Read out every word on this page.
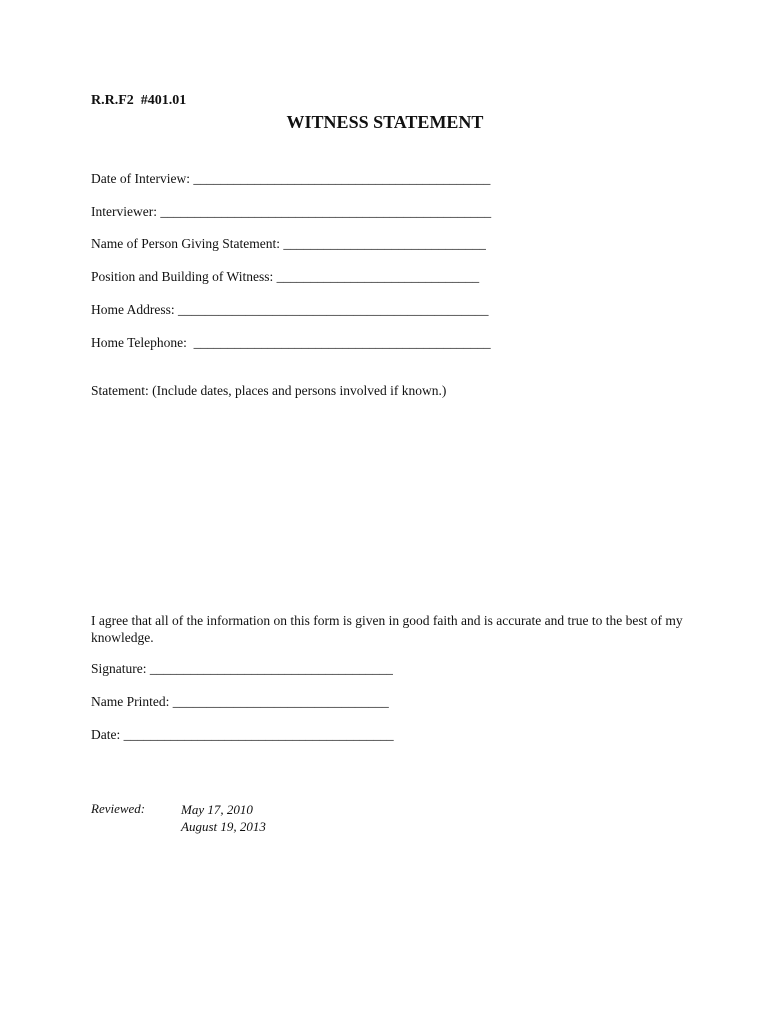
R.R.F2  #401.01
WITNESS STATEMENT
Date of Interview: ____________________________________________
Interviewer: _________________________________________________
Name of Person Giving Statement: ______________________________
Position and Building of Witness: ______________________________
Home Address: ______________________________________________
Home Telephone:  ____________________________________________
Statement: (Include dates, places and persons involved if known.)
I agree that all of the information on this form is given in good faith and is accurate and true to the best of my knowledge.
Signature: ____________________________________
Name Printed: ________________________________
Date: ________________________________________
Reviewed:	May 17, 2010
August 19, 2013
